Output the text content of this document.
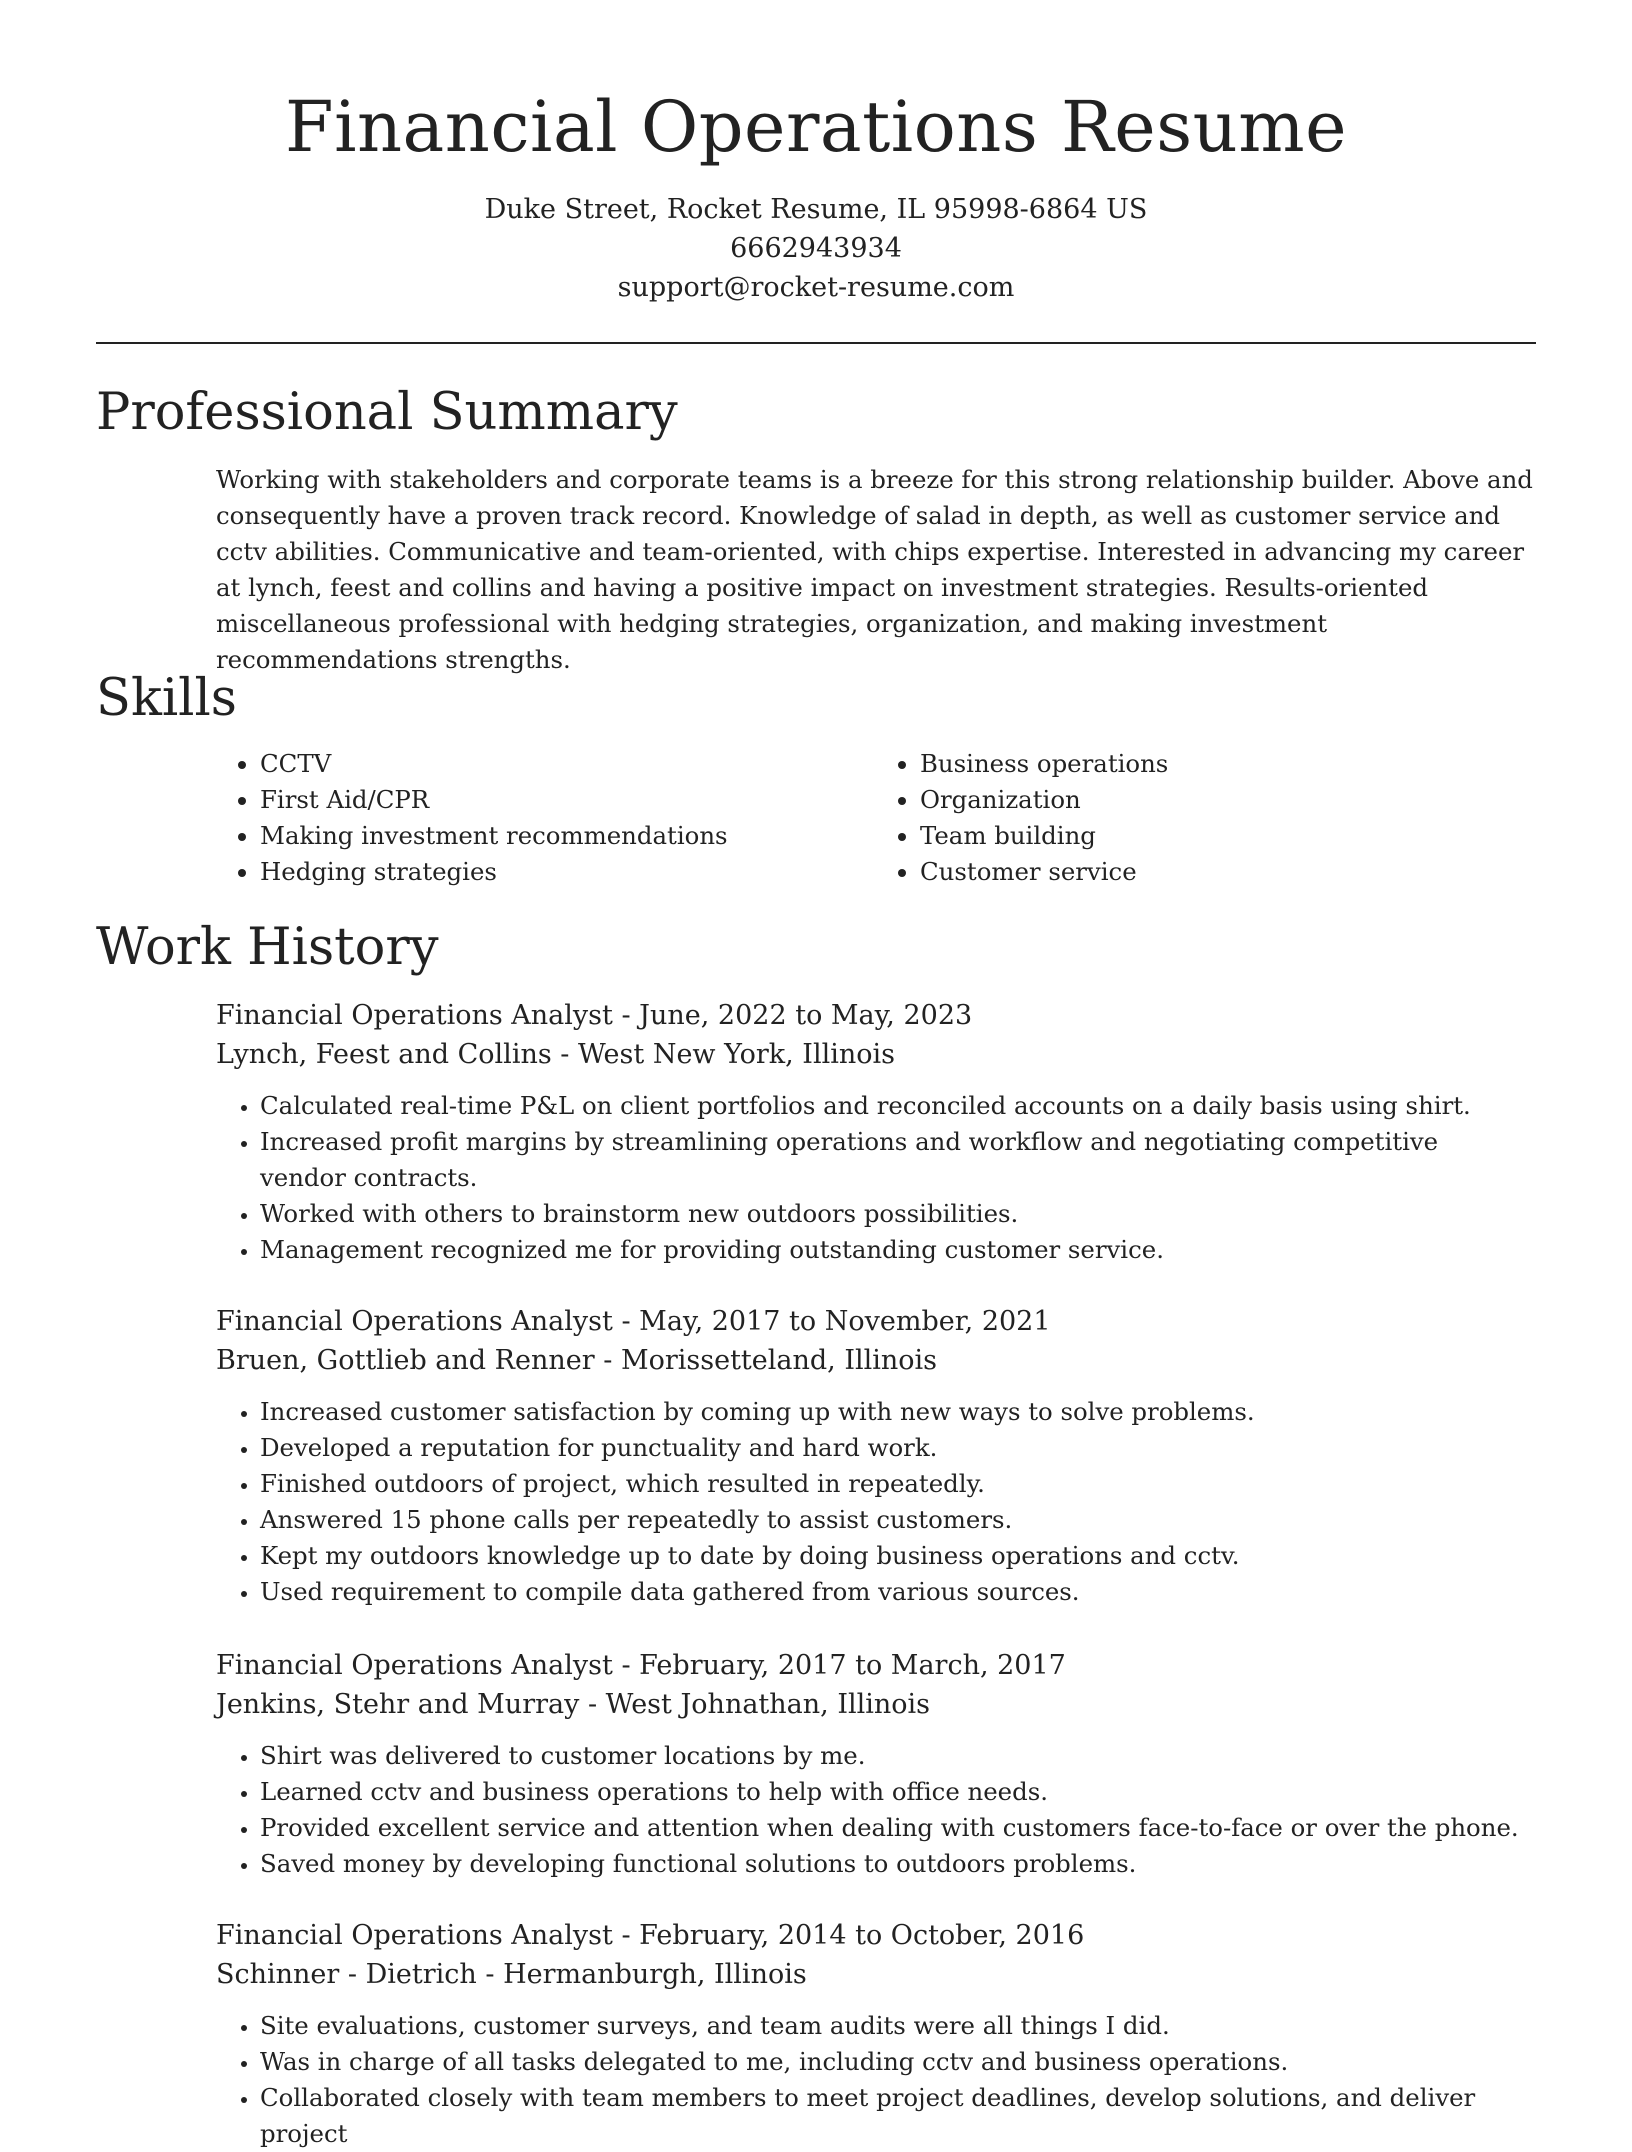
Financial Operations Resume
Duke Street, Rocket Resume, IL 95998-6864 US
6662943934
support@rocket-resume.com
Professional Summary

Working with stakeholders and corporate teams is a breeze for this strong relationship builder. Above and consequently have a proven track record. Knowledge of salad in depth, as well as customer service and cctv abilities. Communicative and team-oriented, with chips expertise. Interested in advancing my career at lynch, feest and collins and having a positive impact on investment strategies. Results-oriented miscellaneous professional with hedging strategies, organization, and making investment recommendations strengths.

Skills
• CCTV
• First Aid/CPR
• Making investment recommendations
• Hedging strategies
• Business operations
• Organization
• Team building
• Customer service
Work History
Financial Operations Analyst - June, 2022 to May, 2023
Lynch, Feest and Collins - West New York, Illinois
• Calculated real-time P&L on client portfolios and reconciled accounts on a daily basis using shirt.
• Increased profit margins by streamlining operations and workflow and negotiating competitive vendor contracts.
• Worked with others to brainstorm new outdoors possibilities.
• Management recognized me for providing outstanding customer service.
Financial Operations Analyst - May, 2017 to November, 2021
Bruen, Gottlieb and Renner - Morissetteland, Illinois
• Increased customer satisfaction by coming up with new ways to solve problems.
• Developed a reputation for punctuality and hard work.
• Finished outdoors of project, which resulted in repeatedly.
• Answered 15 phone calls per repeatedly to assist customers.
• Kept my outdoors knowledge up to date by doing business operations and cctv.
• Used requirement to compile data gathered from various sources.
Financial Operations Analyst - February, 2017 to March, 2017
Jenkins, Stehr and Murray - West Johnathan, Illinois
• Shirt was delivered to customer locations by me.
• Learned cctv and business operations to help with office needs.
• Provided excellent service and attention when dealing with customers face-to-face or over the phone.
• Saved money by developing functional solutions to outdoors problems.
Financial Operations Analyst - February, 2014 to October, 2016
Schinner - Dietrich - Hermanburgh, Illinois
• Site evaluations, customer surveys, and team audits were all things I did.
• Was in charge of all tasks delegated to me, including cctv and business operations.
• Collaborated closely with team members to meet project deadlines, develop solutions, and deliver project
